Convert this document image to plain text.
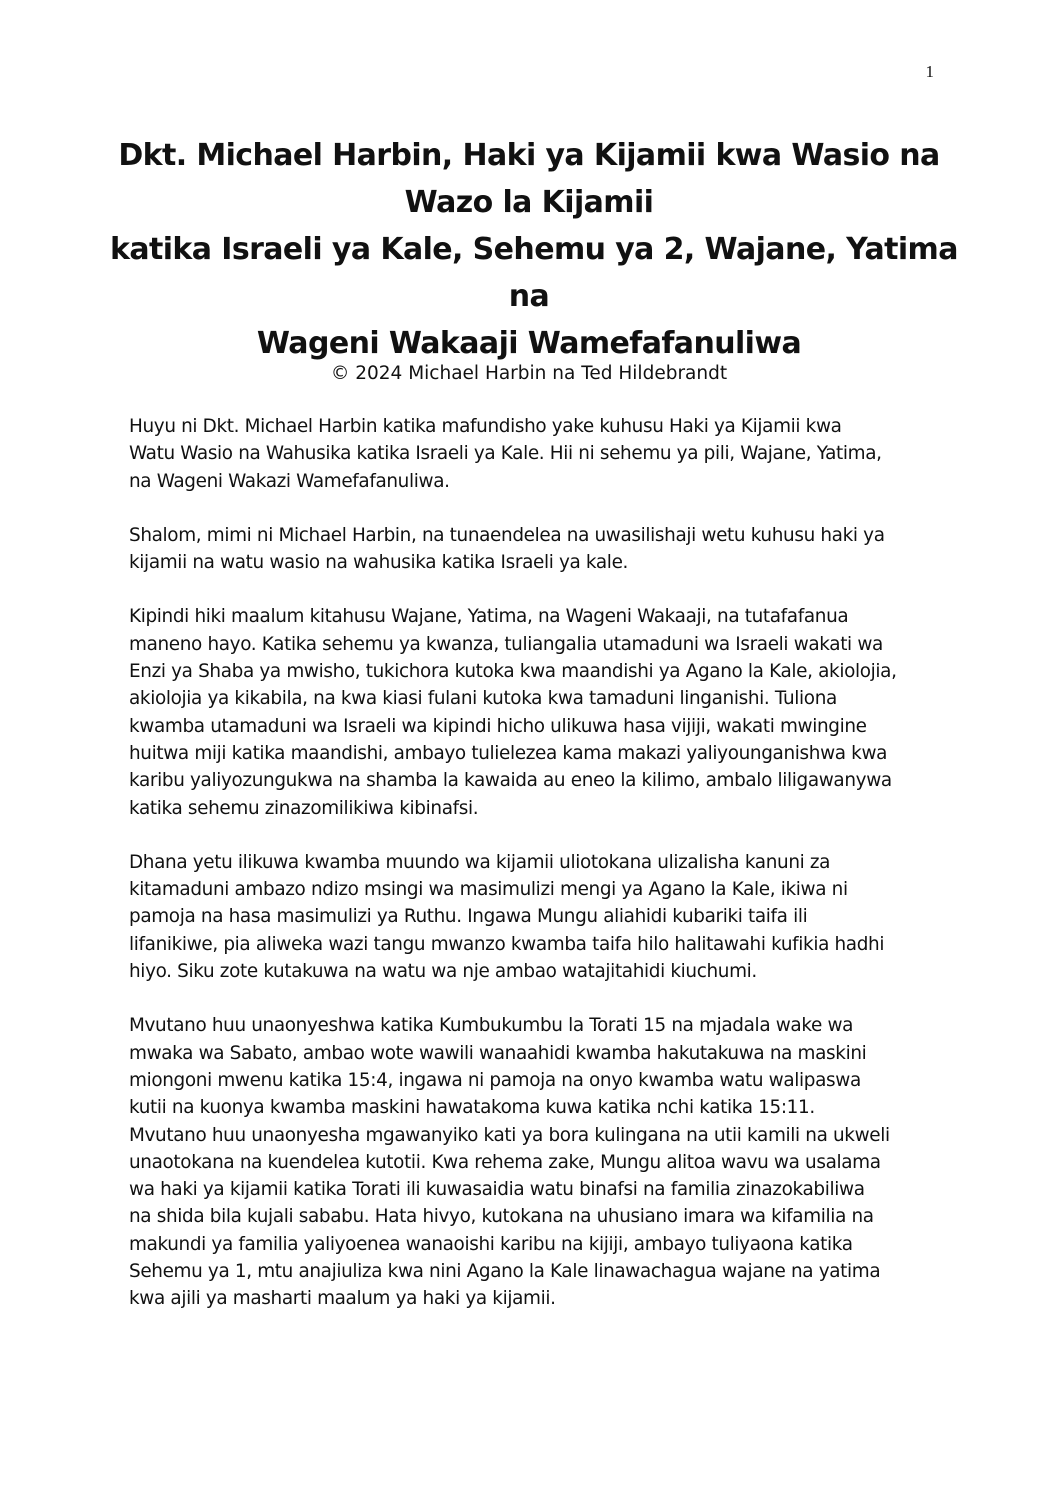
1
Dkt. Michael Harbin, Haki ya Kijamii kwa Wasio na
Wazo la Kijamii
katika Israeli ya Kale, Sehemu ya 2, Wajane, Yatima
na
Wageni Wakaaji Wamefafanuliwa
© 2024 Michael Harbin na Ted Hildebrandt

Huyu ni Dkt. Michael Harbin katika mafundisho yake kuhusu Haki ya Kijamii kwa
Watu Wasio na Wahusika katika Israeli ya Kale. Hii ni sehemu ya pili, Wajane, Yatima,
na Wageni Wakazi Wamefafanuliwa.

Shalom, mimi ni Michael Harbin, na tunaendelea na uwasilishaji wetu kuhusu haki ya
kijamii na watu wasio na wahusika katika Israeli ya kale.

Kipindi hiki maalum kitahusu Wajane, Yatima, na Wageni Wakaaji, na tutafafanua
maneno hayo. Katika sehemu ya kwanza, tuliangalia utamaduni wa Israeli wakati wa
Enzi ya Shaba ya mwisho, tukichora kutoka kwa maandishi ya Agano la Kale, akiolojia,
akiolojia ya kikabila, na kwa kiasi fulani kutoka kwa tamaduni linganishi. Tuliona
kwamba utamaduni wa Israeli wa kipindi hicho ulikuwa hasa vijiji, wakati mwingine
huitwa miji katika maandishi, ambayo tulielezea kama makazi yaliyounganishwa kwa
karibu yaliyozungukwa na shamba la kawaida au eneo la kilimo, ambalo liligawanywa
katika sehemu zinazomilikiwa kibinafsi.

Dhana yetu ilikuwa kwamba muundo wa kijamii uliotokana ulizalisha kanuni za
kitamaduni ambazo ndizo msingi wa masimulizi mengi ya Agano la Kale, ikiwa ni
pamoja na hasa masimulizi ya Ruthu. Ingawa Mungu aliahidi kubariki taifa ili
lifanikiwe, pia aliweka wazi tangu mwanzo kwamba taifa hilo halitawahi kufikia hadhi
hiyo. Siku zote kutakuwa na watu wa nje ambao watajitahidi kiuchumi.

Mvutano huu unaonyeshwa katika Kumbukumbu la Torati 15 na mjadala wake wa
mwaka wa Sabato, ambao wote wawili wanaahidi kwamba hakutakuwa na maskini
miongoni mwenu katika 15:4, ingawa ni pamoja na onyo kwamba watu walipaswa
kutii na kuonya kwamba maskini hawatakoma kuwa katika nchi katika 15:11.
Mvutano huu unaonyesha mgawanyiko kati ya bora kulingana na utii kamili na ukweli
unaotokana na kuendelea kutotii. Kwa rehema zake, Mungu alitoa wavu wa usalama
wa haki ya kijamii katika Torati ili kuwasaidia watu binafsi na familia zinazokabiliwa
na shida bila kujali sababu. Hata hivyo, kutokana na uhusiano imara wa kifamilia na
makundi ya familia yaliyoenea wanaoishi karibu na kijiji, ambayo tuliyaona katika
Sehemu ya 1, mtu anajiuliza kwa nini Agano la Kale linawachagua wajane na yatima
kwa ajili ya masharti maalum ya haki ya kijamii.
